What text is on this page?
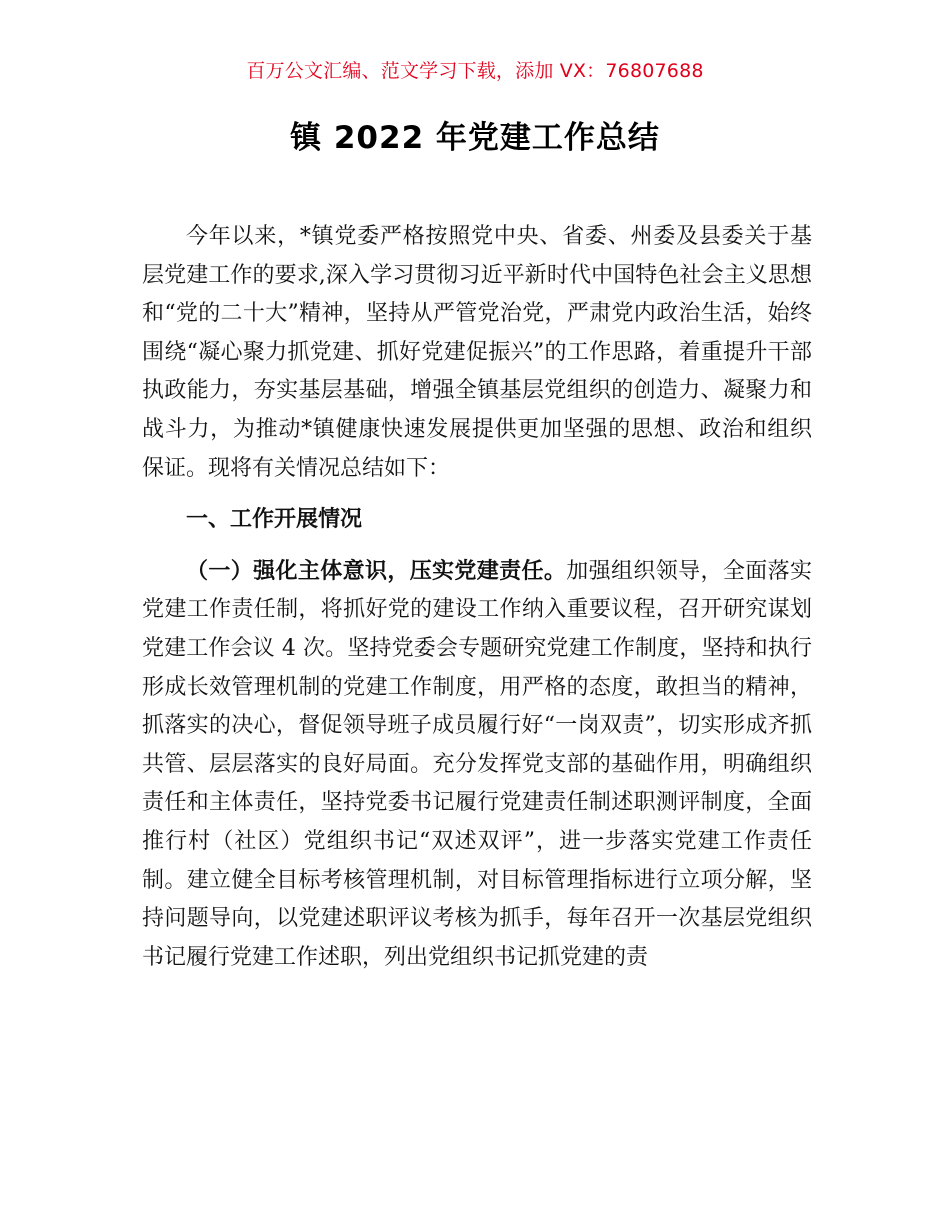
百万公文汇编、范文学习下载，添加 VX：76807688
镇 2022 年党建工作总结

今年以来，*镇党委严格按照党中央、省委、州委及县委关于基层党建工作的要求,深入学习贯彻习近平新时代中国特色社会主义思想和“党的二十大”精神，坚持从严管党治党，严肃党内政治生活，始终围绕“凝心聚力抓党建、抓好党建促振兴”的工作思路，着重提升干部执政能力，夯实基层基础，增强全镇基层党组织的创造力、凝聚力和战斗力，为推动*镇健康快速发展提供更加坚强的思想、政治和组织保证。现将有关情况总结如下：

一、工作开展情况

（一）强化主体意识，压实党建责任。加强组织领导，全面落实党建工作责任制，将抓好党的建设工作纳入重要议程，召开研究谋划党建工作会议 4 次。坚持党委会专题研究党建工作制度，坚持和执行形成长效管理机制的党建工作制度，用严格的态度，敢担当的精神，抓落实的决心，督促领导班子成员履行好“一岗双责”，切实形成齐抓共管、层层落实的良好局面。充分发挥党支部的基础作用，明确组织责任和主体责任，坚持党委书记履行党建责任制述职测评制度，全面推行村（社区）党组织书记“双述双评”，进一步落实党建工作责任制。建立健全目标考核管理机制，对目标管理指标进行立项分解，坚持问题导向，以党建述职评议考核为抓手，每年召开一次基层党组织书记履行党建工作述职，列出党组织书记抓党建的责
